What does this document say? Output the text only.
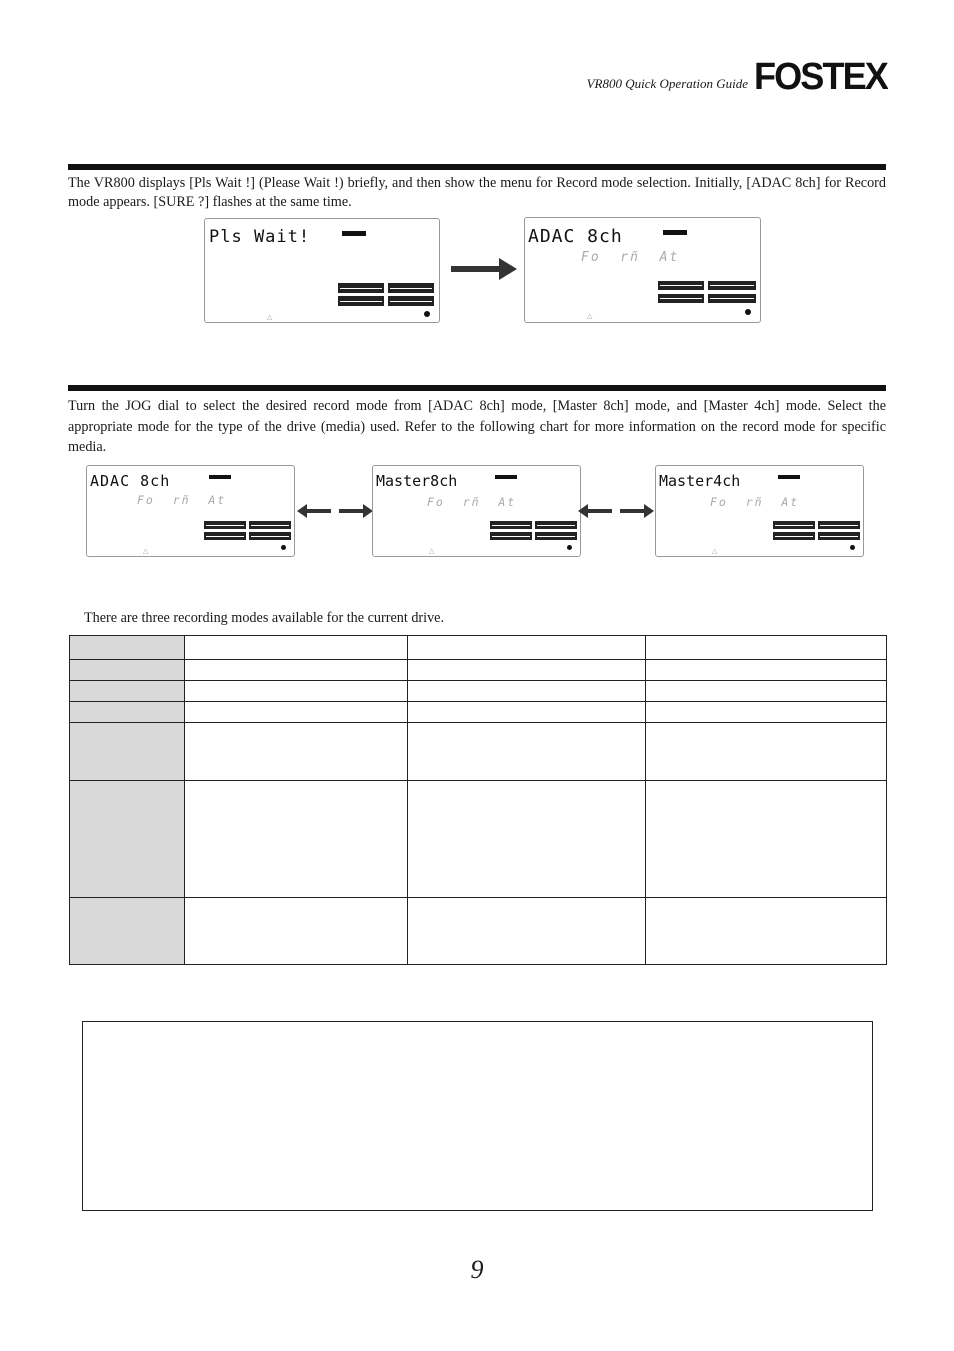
VR800 Quick Operation Guide FOSTEX
The VR800 displays [Pls Wait !] (Please Wait !) briefly, and then show the menu for Record mode selection. Initially, [ADAC 8ch] for Record mode appears. [SURE ?] flashes at the same time.
Pls Wait!
△
ADAC 8ch
Fo  rñ  At
△
Turn the JOG dial to select the desired record mode from [ADAC 8ch] mode, [Master 8ch] mode, and [Master 4ch] mode. Select the appropriate mode for the type of the drive (media) used. Refer to the following chart for more information on the record mode for specific media.
ADAC 8ch
Fo  rñ  At
△
Master8ch
Fo  rñ  At
△
Master4ch
Fo  rñ  At
△
There are three recording modes available for the current drive.

9
